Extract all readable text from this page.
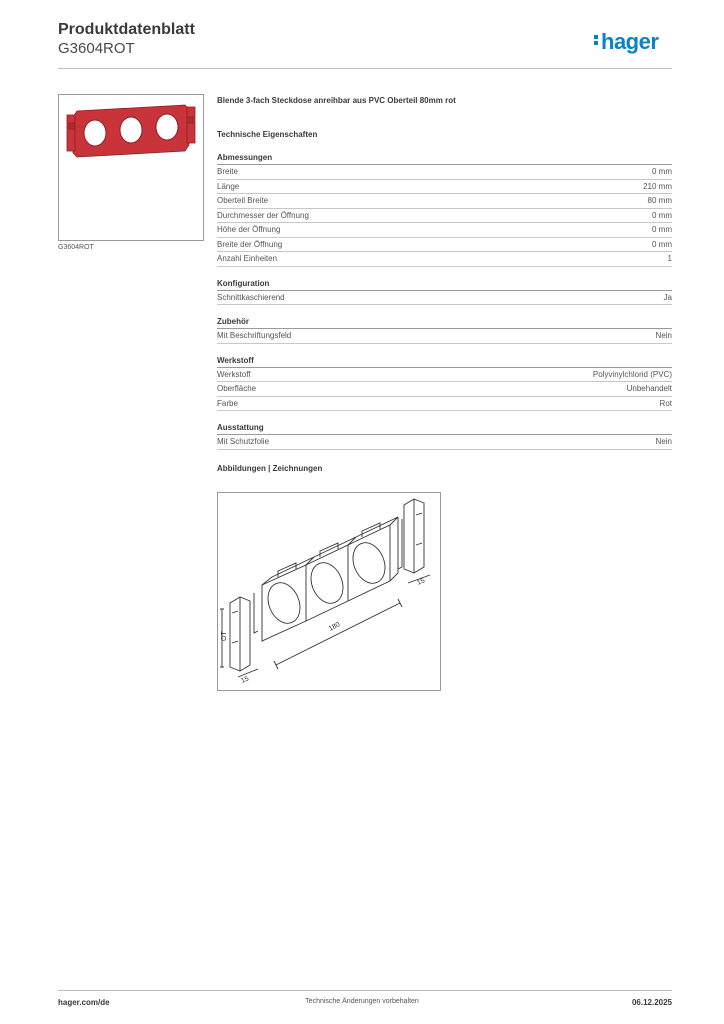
Produktdatenblatt
G3604ROT	hager
G3604ROT
Blende 3-fach Steckdose anreihbar aus PVC Oberteil 80mm rot
Technische Eigenschaften
Abmessungen
Breite	0 mm
Länge	210 mm
Oberteil Breite	80 mm
Durchmesser der Öffnung	0 mm
Höhe der Öffnung	0 mm
Breite der Öffnung	0 mm
Anzahl Einheiten	1
Konfiguration
Schnittkaschierend	Ja
Zubehör
Mit Beschriftungsfeld	Nein
Werkstoff
Werkstoff	Polyvinylchlorid (PVC)
Oberfläche	Unbehandelt
Farbe	Rot
Ausstattung
Mit Schutzfolie	Nein
Abbildungen | Zeichnungen
OT
180
15
15
hager.com/de	Technische Änderungen vorbehalten	06.12.2025
